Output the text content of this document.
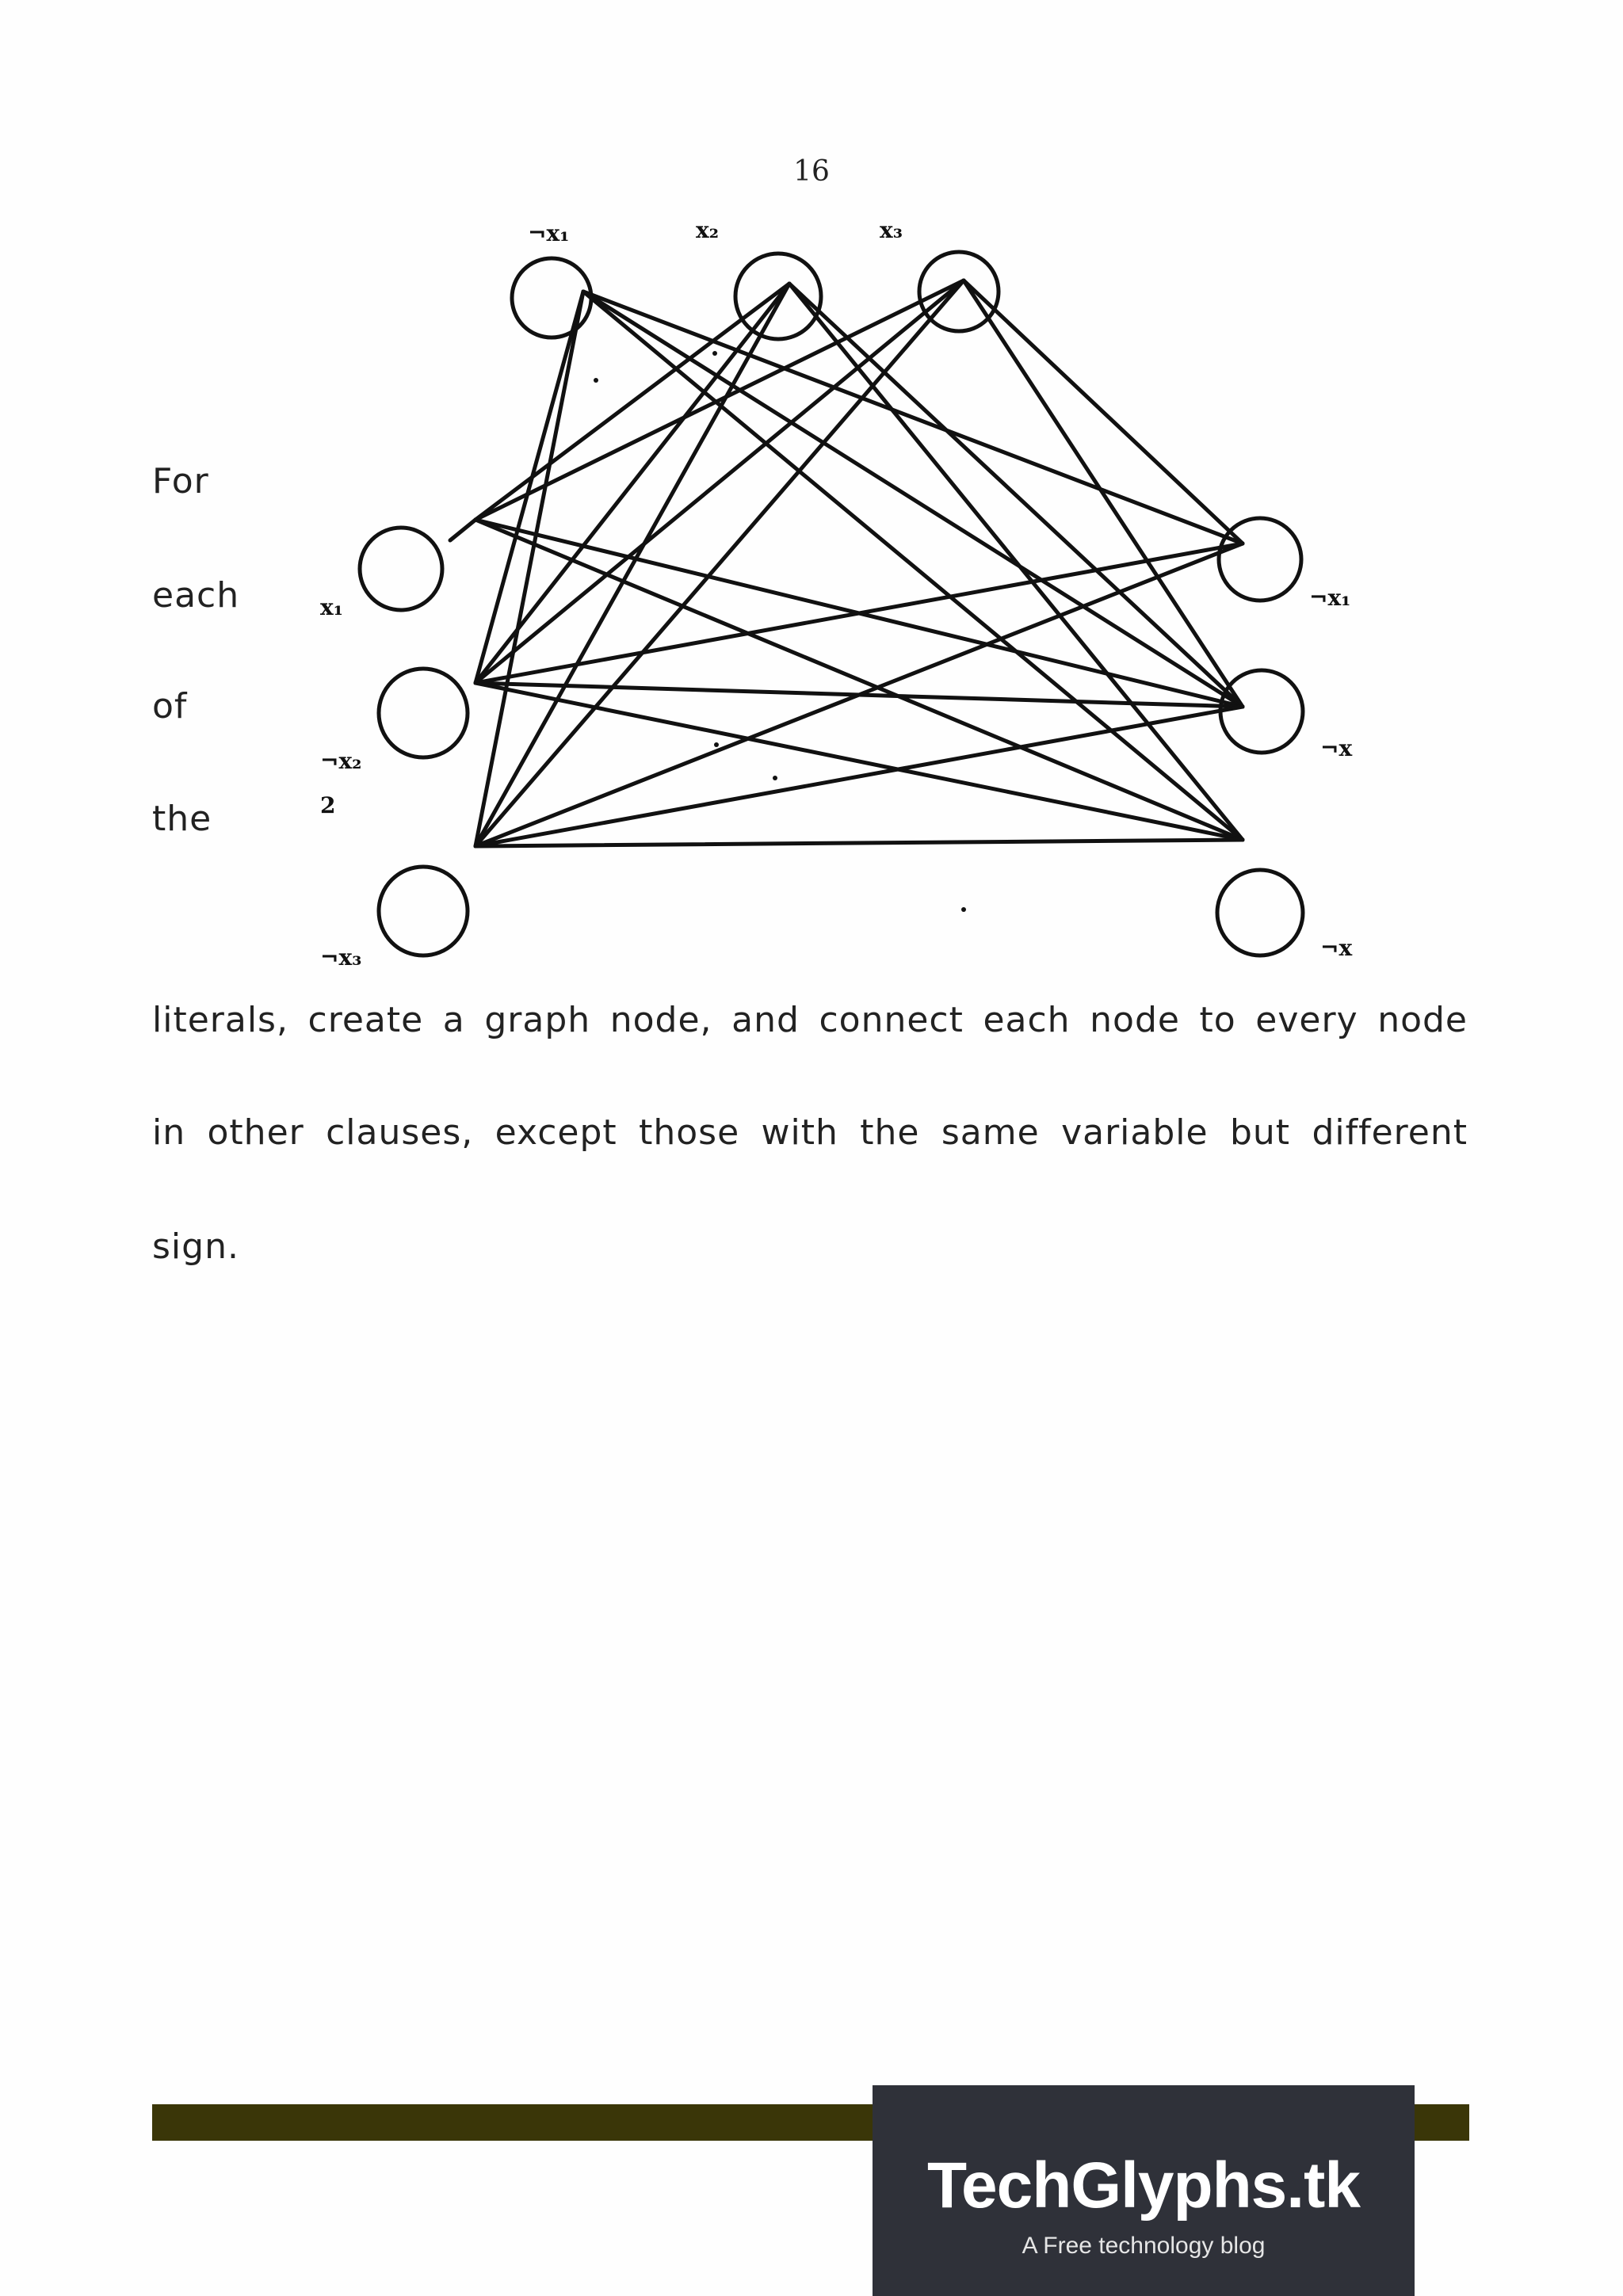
16
For
each
of
the
¬x₁	x₂	x₃
x₁
¬x₂
2
¬x₃
¬x₁
¬x
¬x
literals, create a graph node, and connect each node to every node
in other clauses, except those with the same variable but different
sign.
TechGlyphs.tk
A Free technology blog
